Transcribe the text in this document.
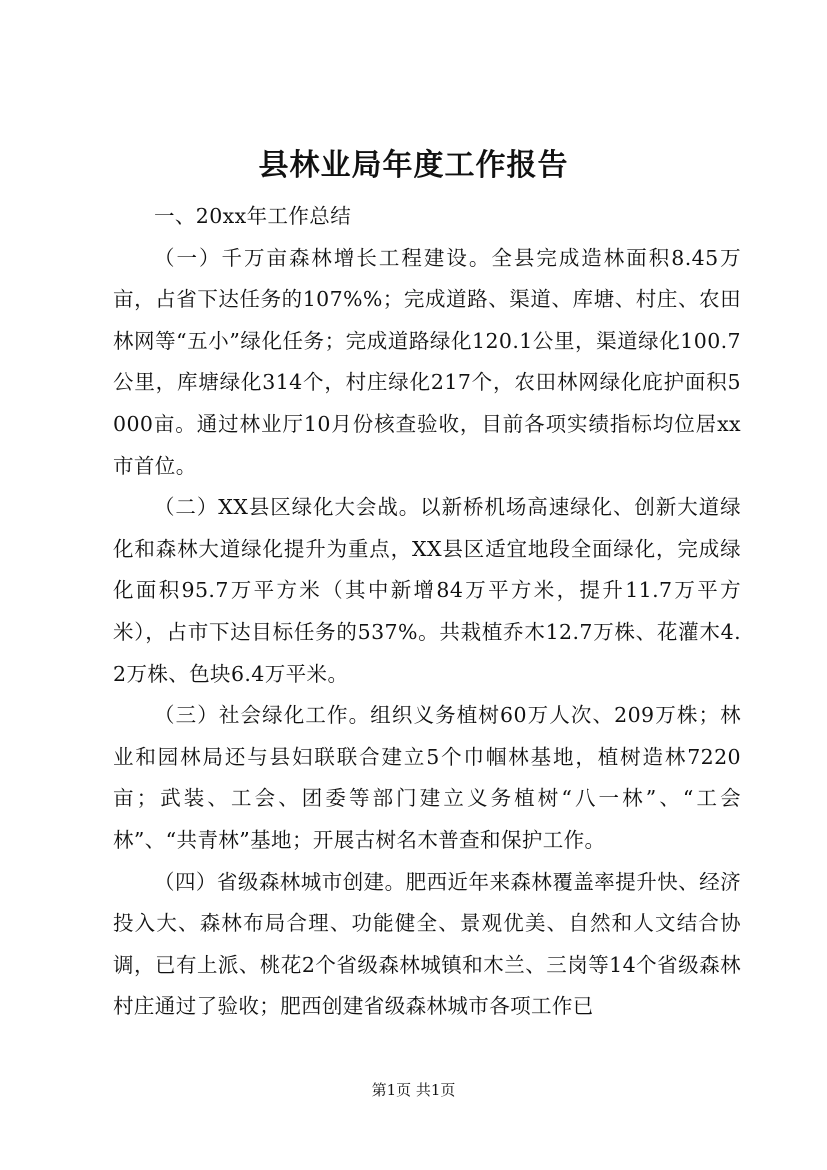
县林业局年度工作报告

一、20xx年工作总结

（一）千万亩森林增长工程建设。全县完成造林面积8.45万亩，占省下达任务的107%%；完成道路、渠道、库塘、村庄、农田林网等“五小”绿化任务；完成道路绿化120.1公里，渠道绿化100.7公里，库塘绿化314个，村庄绿化217个，农田林网绿化庇护面积5000亩。通过林业厅10月份核查验收，目前各项实绩指标均位居xx市首位。

（二）XX县区绿化大会战。以新桥机场高速绿化、创新大道绿化和森林大道绿化提升为重点，XX县区适宜地段全面绿化，完成绿化面积95.7万平方米（其中新增84万平方米，提升11.7万平方米），占市下达目标任务的537%。共栽植乔木12.7万株、花灌木4.2万株、色块6.4万平米。

（三）社会绿化工作。组织义务植树60万人次、209万株；林业和园林局还与县妇联联合建立5个巾帼林基地，植树造林7220亩；武装、工会、团委等部门建立义务植树“八一林”、“工会林”、“共青林”基地；开展古树名木普查和保护工作。

（四）省级森林城市创建。肥西近年来森林覆盖率提升快、经济投入大、森林布局合理、功能健全、景观优美、自然和人文结合协调，已有上派、桃花2个省级森林城镇和木兰、三岗等14个省级森林村庄通过了验收；肥西创建省级森林城市各项工作已

第1页 共1页
